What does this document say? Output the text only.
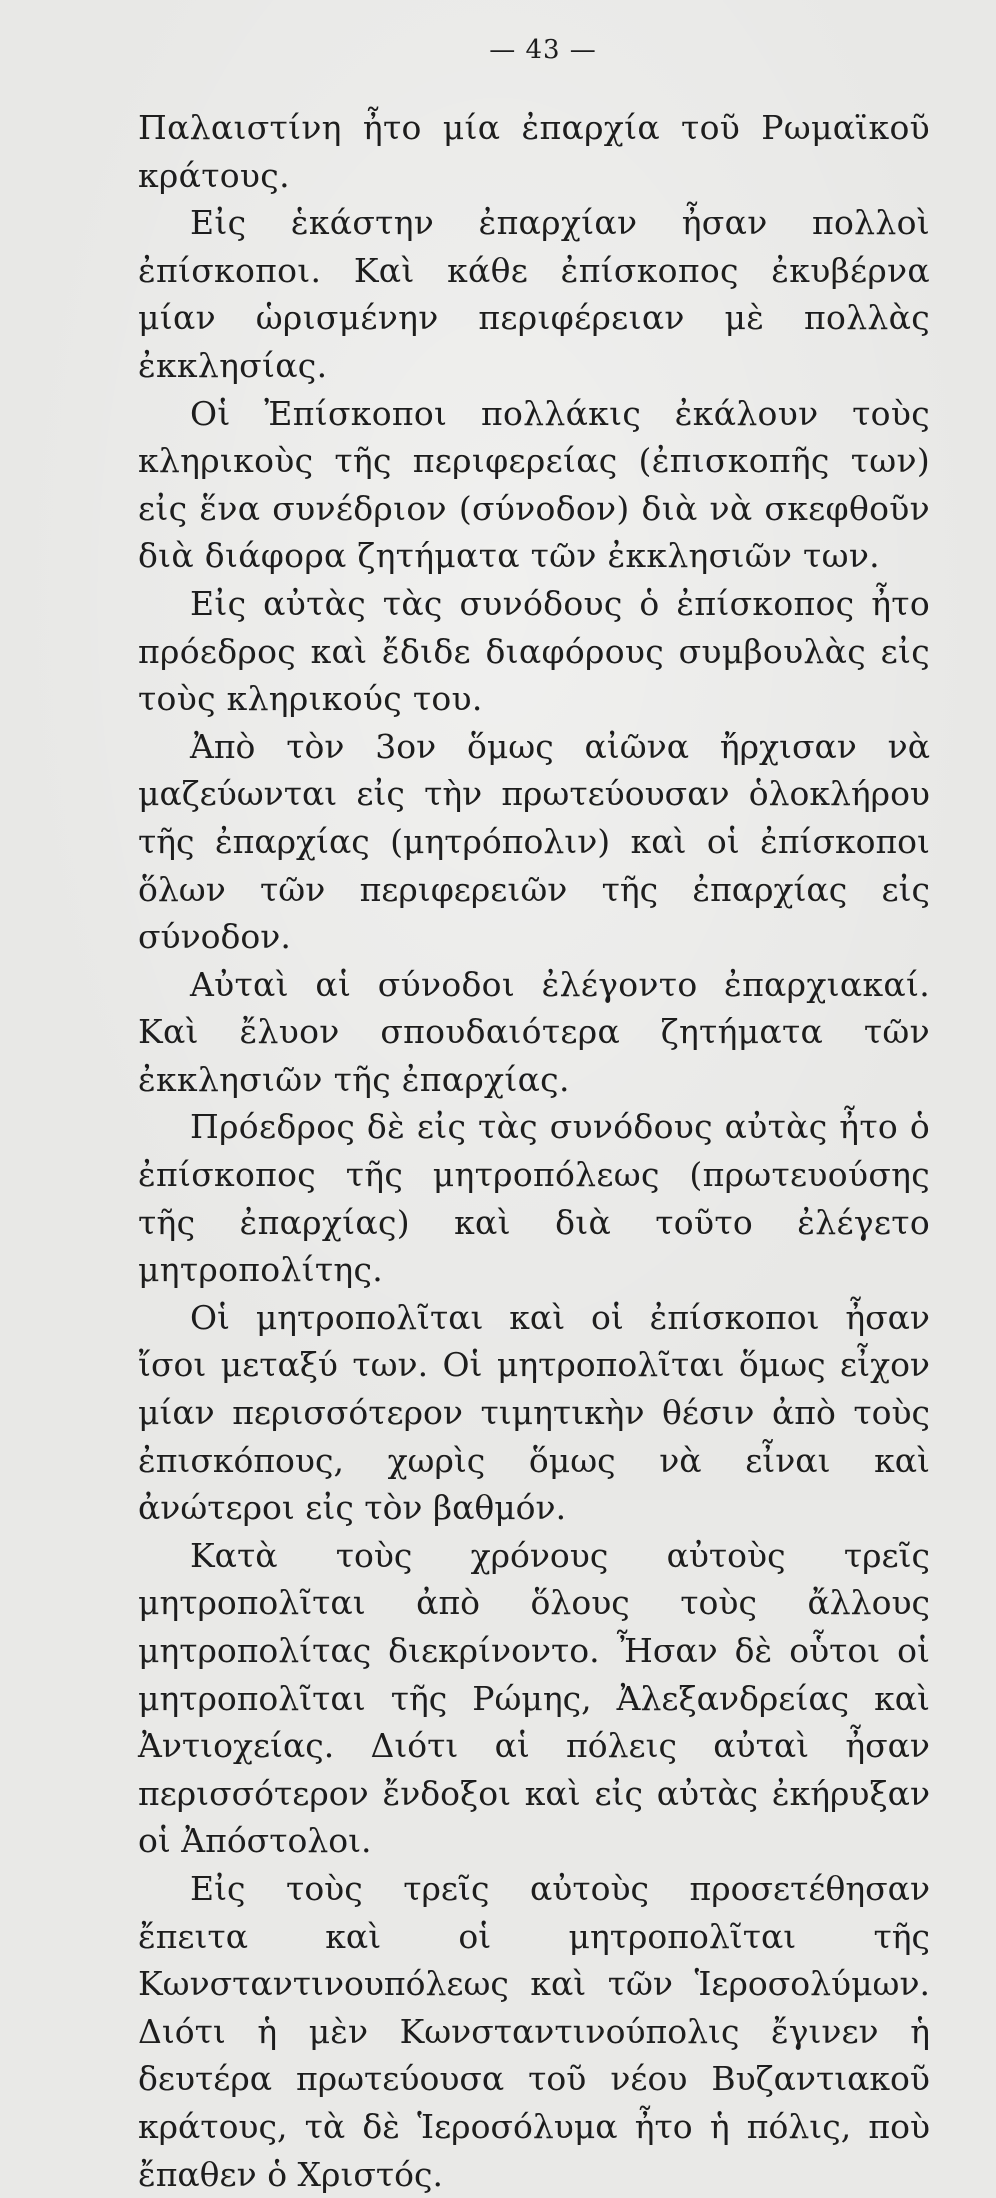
— 43 —

Παλαιστίνη ἦτο μία ἐπαρχία τοῦ Ρωμαϊκοῦ κράτους.

Εἰς ἑκάστην ἐπαρχίαν ἦσαν πολλοὶ ἐπίσκοποι. Καὶ κάθε ἐπίσκοπος ἐκυβέρνα μίαν ὡρισμένην περιφέρειαν μὲ πολλὰς ἐκκλησίας.

Οἱ Ἐπίσκοποι πολλάκις ἐκάλουν τοὺς κληρικοὺς τῆς περιφερείας (ἐπισκοπῆς των) εἰς ἕνα συνέδριον (σύνοδον) διὰ νὰ σκεφθοῦν διὰ διάφορα ζητήματα τῶν ἐκκλησιῶν των.

Εἰς αὐτὰς τὰς συνόδους ὁ ἐπίσκοπος ἦτο πρόεδρος καὶ ἔδιδε διαφόρους συμβουλὰς εἰς τοὺς κληρικούς του.

Ἀπὸ τὸν 3ον ὅμως αἰῶνα ἤρχισαν νὰ μαζεύωνται εἰς τὴν πρωτεύουσαν ὁλοκλήρου τῆς ἐπαρχίας (μητρόπολιν) καὶ οἱ ἐπίσκοποι ὅλων τῶν περιφερειῶν τῆς ἐπαρχίας εἰς σύνοδον.

Αὐταὶ αἱ σύνοδοι ἐλέγοντο ἐπαρχιακαί. Καὶ ἔλυον σπουδαιότερα ζητήματα τῶν ἐκκλησιῶν τῆς ἐπαρχίας.

Πρόεδρος δὲ εἰς τὰς συνόδους αὐτὰς ἦτο ὁ ἐπίσκοπος τῆς μητροπόλεως (πρωτευούσης τῆς ἐπαρχίας) καὶ διὰ τοῦτο ἐλέγετο μητροπολίτης.

Οἱ μητροπολῖται καὶ οἱ ἐπίσκοποι ἦσαν ἴσοι μεταξύ των. Οἱ μητροπολῖται ὅμως εἶχον μίαν περισσότερον τιμητικὴν θέσιν ἀπὸ τοὺς ἐπισκόπους, χωρὶς ὅμως νὰ εἶναι καὶ ἀνώτεροι εἰς τὸν βαθμόν.

Κατὰ τοὺς χρόνους αὐτοὺς τρεῖς μητροπολῖται ἀπὸ ὅλους τοὺς ἄλλους μητροπολίτας διεκρίνοντο. Ἦσαν δὲ οὗτοι οἱ μητροπολῖται τῆς Ρώμης, Ἀλεξανδρείας καὶ Ἀντιοχείας. Διότι αἱ πόλεις αὐταὶ ἦσαν περισσότερον ἔνδοξοι καὶ εἰς αὐτὰς ἐκήρυξαν οἱ Ἀπόστολοι.

Εἰς τοὺς τρεῖς αὐτοὺς προσετέθησαν ἔπειτα καὶ οἱ μητροπολῖται τῆς Κωνσταντινουπόλεως καὶ τῶν Ἱεροσολύμων. Διότι ἡ μὲν Κωνσταντινούπολις ἔγινεν ἡ δευτέρα πρωτεύουσα τοῦ νέου Βυζαντιακοῦ κράτους, τὰ δὲ Ἱεροσόλυμα ἦτο ἡ πόλις, ποὺ ἔπαθεν ὁ Χριστός.
